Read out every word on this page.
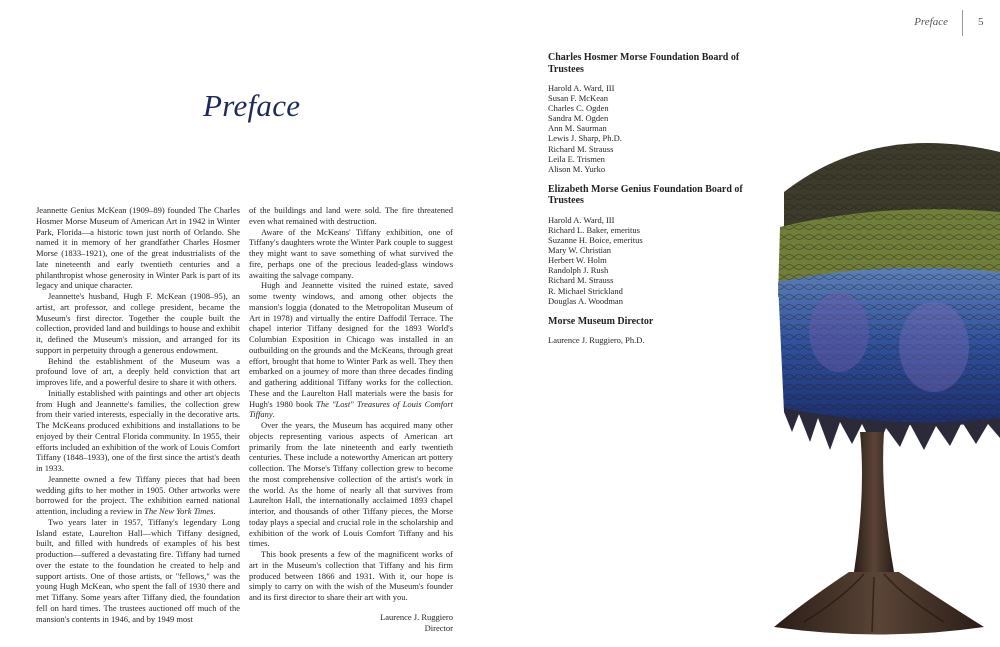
Preface	5
Preface

Jeannette Genius McKean (1909–89) founded The Charles Hosmer Morse Museum of American Art in 1942 in Winter Park, Florida—a historic town just north of Orlando. She named it in memory of her grandfather Charles Hosmer Morse (1833–1921), one of the great industrialists of the late nineteenth and early twentieth centuries and a philanthropist whose generosity in Winter Park is part of its legacy and unique character.

Jeannette's husband, Hugh F. McKean (1908–95), an artist, art professor, and college president, became the Museum's first director. Together the couple built the collection, provided land and buildings to house and exhibit it, defined the Museum's mission, and arranged for its support in perpetuity through a generous endowment.

Behind the establishment of the Museum was a profound love of art, a deeply held conviction that art improves life, and a powerful desire to share it with others.

Initially established with paintings and other art objects from Hugh and Jeannette's families, the collection grew from their varied interests, especially in the decorative arts. The McKeans produced exhibitions and installations to be enjoyed by their Central Florida community. In 1955, their efforts included an exhibition of the work of Louis Comfort Tiffany (1848–1933), one of the first since the artist's death in 1933.

Jeannette owned a few Tiffany pieces that had been wedding gifts to her mother in 1905. Other artworks were borrowed for the project. The exhibition earned national attention, including a review in The New York Times.

Two years later in 1957, Tiffany's legendary Long Island estate, Laurelton Hall—which Tiffany designed, built, and filled with hundreds of examples of his best production—suffered a devastating fire. Tiffany had turned over the estate to the foundation he created to help and support artists. One of those artists, or "fellows," was the young Hugh McKean, who spent the fall of 1930 there and met Tiffany. Some years after Tiffany died, the foundation fell on hard times. The trustees auctioned off much of the mansion's contents in 1946, and by 1949 most

of the buildings and land were sold. The fire threatened even what remained with destruction.

Aware of the McKeans' Tiffany exhibition, one of Tiffany's daughters wrote the Winter Park couple to suggest they might want to save something of what survived the fire, perhaps one of the precious leaded-glass windows awaiting the salvage company.

Hugh and Jeannette visited the ruined estate, saved some twenty windows, and among other objects the mansion's loggia (donated to the Metropolitan Museum of Art in 1978) and virtually the entire Daffodil Terrace. The chapel interior Tiffany designed for the 1893 World's Columbian Exposition in Chicago was installed in an outbuilding on the grounds and the McKeans, through great effort, brought that home to Winter Park as well. They then embarked on a journey of more than three decades finding and gathering additional Tiffany works for the collection. These and the Laurelton Hall materials were the basis for Hugh's 1980 book The "Lost" Treasures of Louis Comfort Tiffany.

Over the years, the Museum has acquired many other objects representing various aspects of American art primarily from the late nineteenth and early twentieth centuries. These include a noteworthy American art pottery collection. The Morse's Tiffany collection grew to become the most comprehensive collection of the artist's work in the world. As the home of nearly all that survives from Laurelton Hall, the internationally acclaimed 1893 chapel interior, and thousands of other Tiffany pieces, the Morse today plays a special and crucial role in the scholarship and exhibition of the work of Louis Comfort Tiffany and his times.

This book presents a few of the magnificent works of art in the Museum's collection that Tiffany and his firm produced between 1866 and 1931. With it, our hope is simply to carry on with the wish of the Museum's founder and its first director to share their art with you.

Laurence J. Ruggiero
Director
Charles Hosmer Morse Foundation Board of Trustees
Harold A. Ward, III
Susan F. McKean
Charles C. Ogden
Sandra M. Ogden
Ann M. Saurman
Lewis J. Sharp, Ph.D.
Richard M. Strauss
Leila E. Trismen
Alison M. Yurko
Elizabeth Morse Genius Foundation Board of Trustees
Harold A. Ward, III
Richard L. Baker, emeritus
Suzanne H. Boice, emeritus
Mary W. Christian
Herbert W. Holm
Randolph J. Rush
Richard M. Strauss
R. Michael Strickland
Douglas A. Woodman
Morse Museum Director
Laurence J. Ruggiero, Ph.D.
